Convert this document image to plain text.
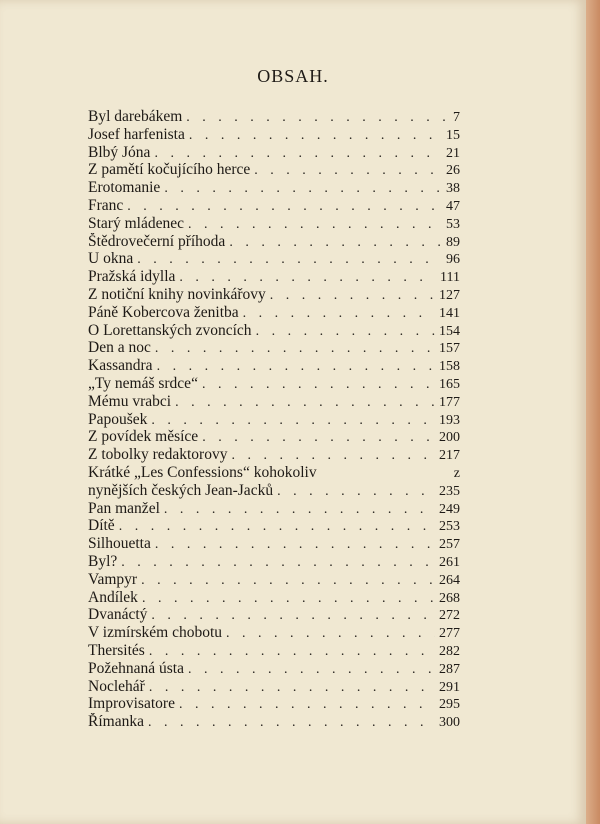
OBSAH.
Byl darebákem . . .	7
Josef harfenista . . .	15
Blbý Jóna . . .	21
Z pamětí kočujícího herce . . .	26
Erotomanie . . .	38
Franc . . .	47
Starý mládenec . . .	53
Štědrovečerní příhoda . . .	89
U okna . . .	96
Pražská idylla . . .	111
Z notiční knihy novinkářovy . . .	127
Páně Kobercova ženitba . . .	141
O Lorettanských zvoncích . . .	154
Den a noc . . .	157
Kassandra . . .	158
„Ty nemáš srdce“ . . .	165
Mému vrabci . . .	177
Papoušek . . .	193
Z povídek měsíce . . .	200
Z tobolky redaktorovy . . .	217
Krátké „Les Confessions“ kohokoliv	z
nynějších českých Jean-Jacků . . .	235
Pan manžel . . .	249
Dítě . . .	253
Silhouetta . . .	257
Byl? . . .	261
Vampyr . . .	264
Andílek . . .	268
Dvanáctý . . .	272
V izmírském chobotu . . .	277
Thersités . . .	282
Požehnaná ústa . . .	287
Noclehář . . .	291
Improvisatore . . .	295
Římanka . . .	300
